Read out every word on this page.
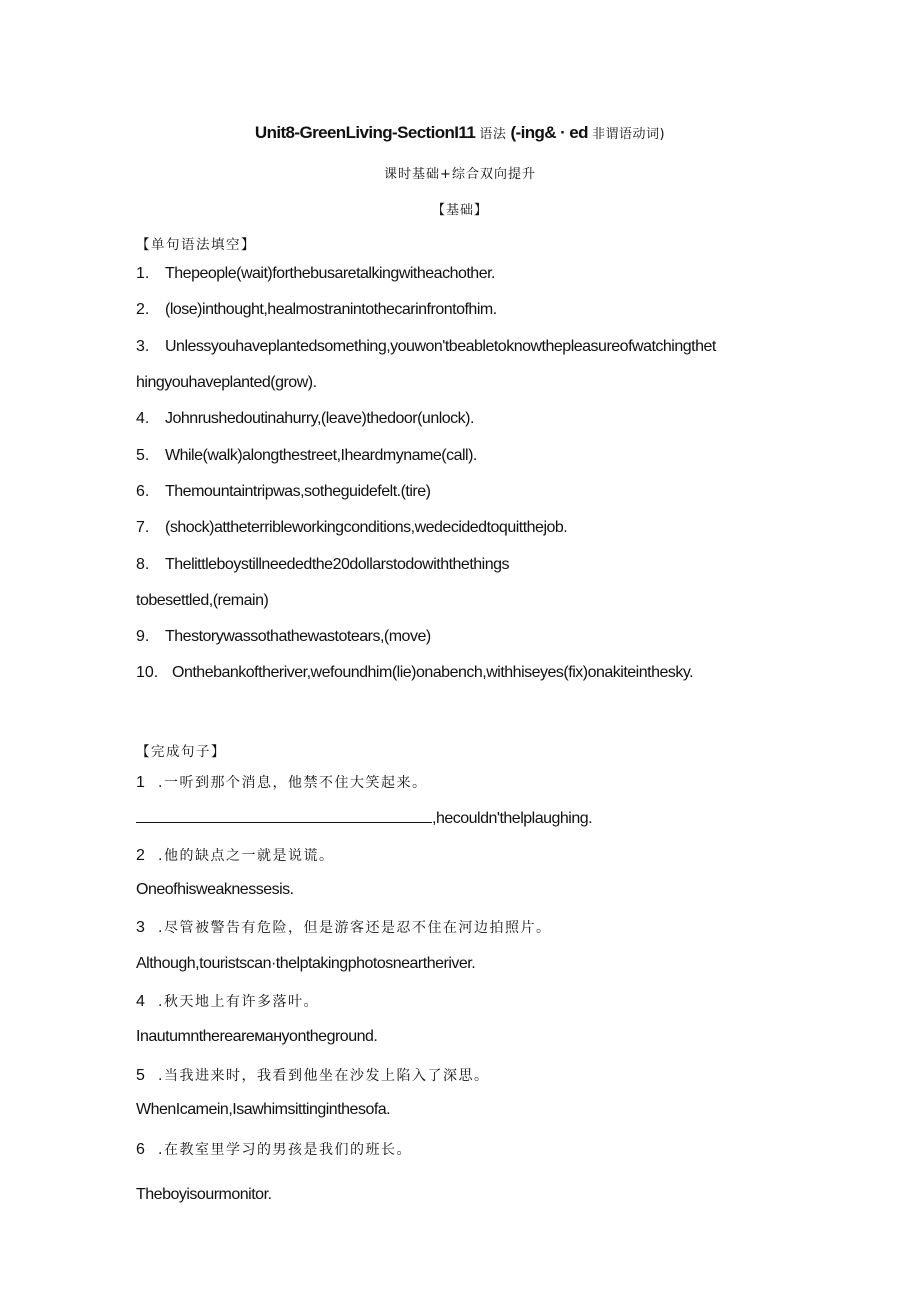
Unit8-GreenLiving-SectionI11 语法 (-ing& · ed 非谓语动词)
课时基础+综合双向提升
【基础】
【单句语法填空】
1. Thepeople(wait)forthebusaretalkingwitheachother.
2. (lose)inthought,healmostranintothecarinfrontofhim.
3. Unlessyouhaveplantedsomething,youwon'tbeabletoknowthepleasureofwatchingthet
hingyouhaveplanted(grow).
4. Johnrushedoutinahurry,(leave)thedoor(unlock).
5. While(walk)alongthestreet,Iheardmyname(call).
6. Themountaintripwas,sotheguidefelt.(tire)
7. (shock)attheterribleworkingconditions,wedecidedtoquitthejob.
8. Thelittleboystillneededthe20dollarstodowiththethings
tobesettled,(remain)
9. Thestorywassothathewastotears,(move)
10. Onthebankoftheriver,wefoundhim(lie)onabench,withhiseyes(fix)onakiteinthesky.
【完成句子】
1 .一听到那个消息，他禁不住大笑起来。
,hecouldn'thelplaughing.
2 .他的缺点之一就是说谎。
Oneofhisweaknessesis.
3 .尽管被警告有危险，但是游客还是忍不住在河边拍照片。
Although,touristscan·thelptakingphotosneartheriver.
4 .秋天地上有许多落叶。
Inautumnthereareманyontheground.
5 .当我进来时，我看到他坐在沙发上陷入了深思。
WhenIcamein,Isawhimsittinginthesofa.
6 .在教室里学习的男孩是我们的班长。
Theboyisourmonitor.
